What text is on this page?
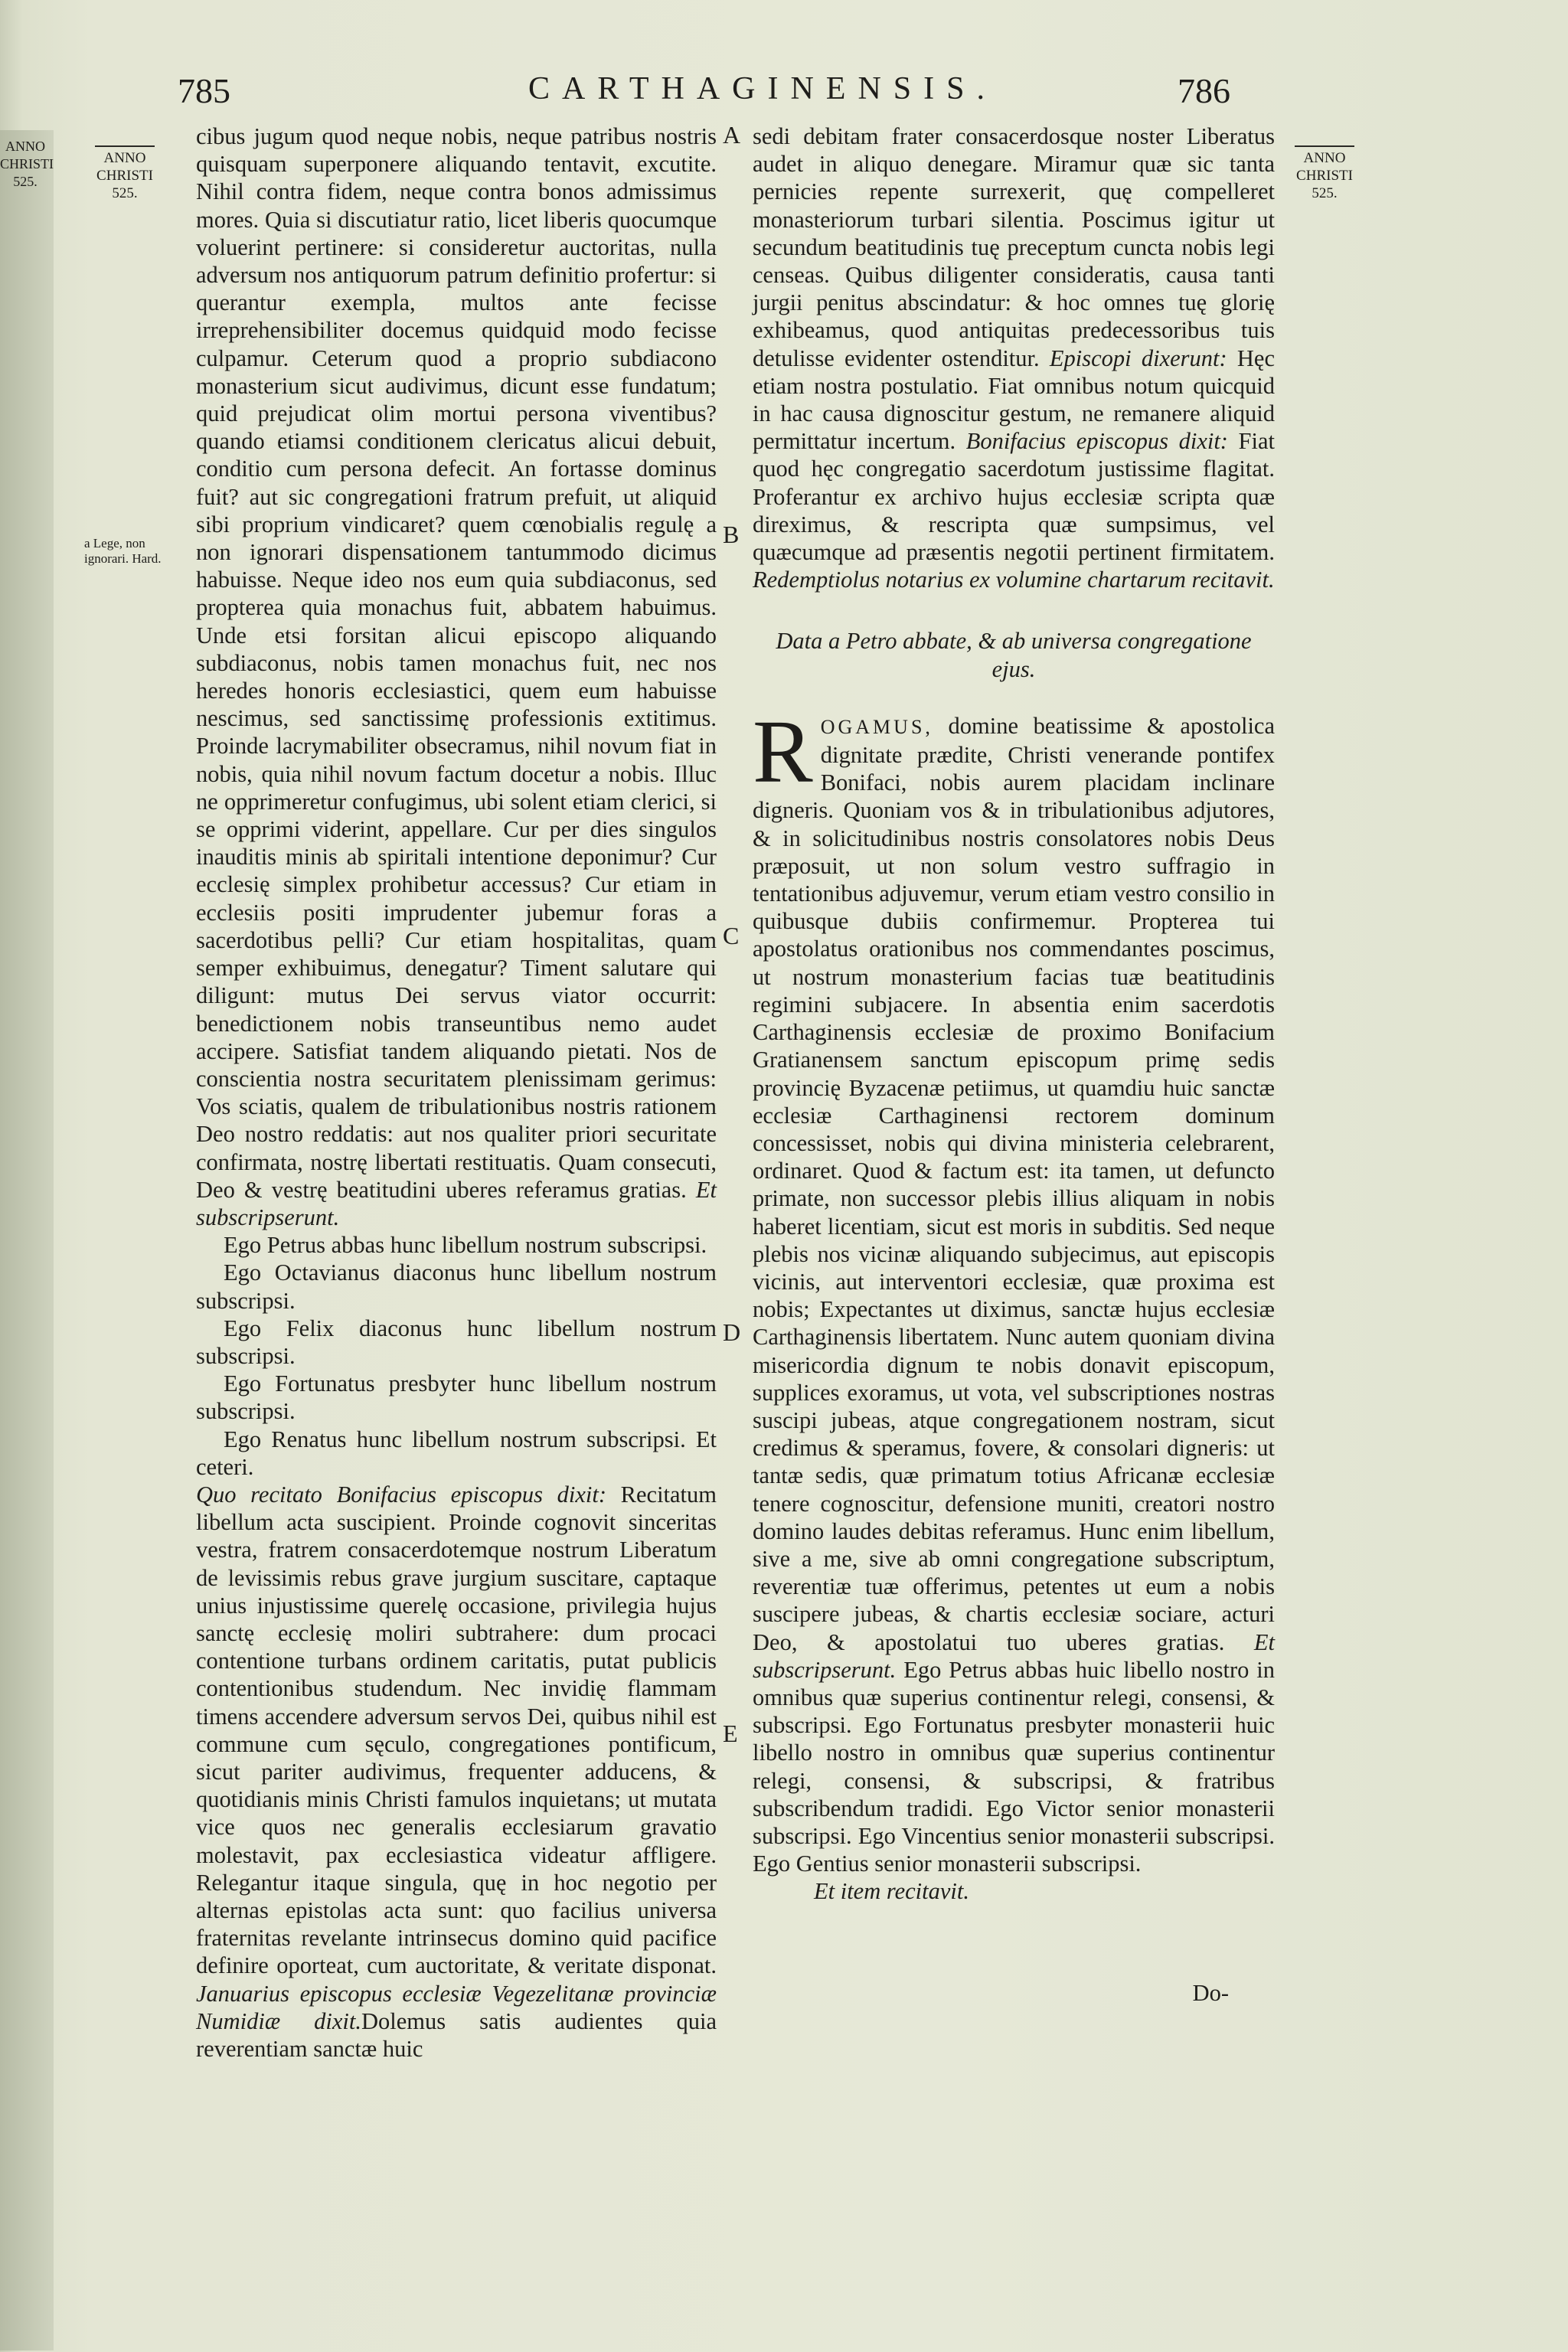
785	CARTHAGINENSIS.	786
ANNO CHRISTI 525.
ANNO
CHRISTI
525.
ANNO
CHRISTI
525.
a Lege, non ignorari. Hard.
A
B
C
D
E

cibus jugum quod neque nobis, neque patribus nostris quisquam superponere aliquando tentavit, excutite. Nihil contra fidem, neque contra bonos admissimus mores. Quia si discutiatur ratio, licet liberis quocumque voluerint pertinere: si consideretur auctoritas, nulla adversum nos antiquorum patrum definitio profertur: si querantur exempla, multos ante fecisse irreprehensibiliter docemus quidquid modo fecisse culpamur. Ceterum quod a proprio subdiacono monasterium sicut audivimus, dicunt esse fundatum; quid prejudicat olim mortui persona viventibus? quando etiamsi conditionem clericatus alicui debuit, conditio cum persona defecit. An fortasse dominus fuit? aut sic congregationi fratrum prefuit, ut aliquid sibi proprium vindicaret? quem cœnobialis regulę a non ignorari dispensationem tantummodo dicimus habuisse. Neque ideo nos eum quia subdiaconus, sed propterea quia monachus fuit, abbatem habuimus. Unde etsi forsitan alicui episcopo aliquando subdiaconus, nobis tamen monachus fuit, nec nos heredes honoris ecclesiastici, quem eum habuisse nescimus, sed sanctissimę professionis extitimus. Proinde lacrymabiliter obsecramus, nihil novum fiat in nobis, quia nihil novum factum docetur a nobis. Illuc ne opprimeretur confugimus, ubi solent etiam clerici, si se opprimi viderint, appellare. Cur per dies singulos inauditis minis ab spiritali intentione deponimur? Cur ecclesię simplex prohibetur accessus? Cur etiam in ecclesiis positi imprudenter jubemur foras a sacerdotibus pelli? Cur etiam hospitalitas, quam semper exhibuimus, denegatur? Timent salutare qui diligunt: mutus Dei servus viator occurrit: benedictionem nobis transeuntibus nemo audet accipere. Satisfiat tandem aliquando pietati. Nos de conscientia nostra securitatem plenissimam gerimus: Vos sciatis, qualem de tribulationibus nostris rationem Deo nostro reddatis: aut nos qualiter priori securitate confirmata, nostrę libertati restituatis. Quam consecuti, Deo & vestrę beatitudini uberes referamus gratias. Et subscripserunt.

Ego Petrus abbas hunc libellum nostrum subscripsi.

Ego Octavianus diaconus hunc libellum nostrum subscripsi.

Ego Felix diaconus hunc libellum nostrum subscripsi.

Ego Fortunatus presbyter hunc libellum nostrum subscripsi.

Ego Renatus hunc libellum nostrum subscripsi. Et ceteri.

Quo recitato Bonifacius episcopus dixit: Recitatum libellum acta suscipient. Proinde cognovit sinceritas vestra, fratrem consacerdotemque nostrum Liberatum de levissimis rebus grave jurgium suscitare, captaque unius injustissime querelę occasione, privilegia hujus sanctę ecclesię moliri subtrahere: dum procaci contentione turbans ordinem caritatis, putat publicis contentionibus studendum. Nec invidię flammam timens accendere adversum servos Dei, quibus nihil est commune cum sęculo, congregationes pontificum, sicut pariter audivimus, frequenter adducens, & quotidianis minis Christi famulos inquietans; ut mutata vice quos nec generalis ecclesiarum gravatio molestavit, pax ecclesiastica videatur affligere. Relegantur itaque singula, quę in hoc negotio per alternas epistolas acta sunt: quo facilius universa fraternitas revelante intrinsecus domino quid pacifice definire oporteat, cum auctoritate, & veritate disponat. Januarius episcopus ecclesiæ Vegezelitanæ provinciæ Numidiæ dixit.Dolemus satis audientes quia reverentiam sanctæ huic

sedi debitam frater consacerdosque noster Liberatus audet in aliquo denegare. Miramur quæ sic tanta pernicies repente surrexerit, quę compelleret monasteriorum turbari silentia. Poscimus igitur ut secundum beatitudinis tuę preceptum cuncta nobis legi censeas. Quibus diligenter consideratis, causa tanti jurgii penitus abscindatur: & hoc omnes tuę glorię exhibeamus, quod antiquitas predecessoribus tuis detulisse evidenter ostenditur. Episcopi dixerunt: Hęc etiam nostra postulatio. Fiat omnibus notum quicquid in hac causa dignoscitur gestum, ne remanere aliquid permittatur incertum. Bonifacius episcopus dixit: Fiat quod hęc congregatio sacerdotum justissime flagitat. Proferantur ex archivo hujus ecclesiæ scripta quæ direximus, & rescripta quæ sumpsimus, vel quæcumque ad præsentis negotii pertinent firmitatem. Redemptiolus notarius ex volumine chartarum recitavit.

Data a Petro abbate, & ab universa congregatione ejus.

ROGAMUS, domine beatissime & apostolica dignitate prædite, Christi venerande pontifex Bonifaci, nobis aurem placidam inclinare digneris. Quoniam vos & in tribulationibus adjutores, & in solicitudinibus nostris consolatores nobis Deus præposuit, ut non solum vestro suffragio in tentationibus adjuvemur, verum etiam vestro consilio in quibusque dubiis confirmemur. Propterea tui apostolatus orationibus nos commendantes poscimus, ut nostrum monasterium facias tuæ beatitudinis regimini subjacere. In absentia enim sacerdotis Carthaginensis ecclesiæ de proximo Bonifacium Gratianensem sanctum episcopum primę sedis provincię Byzacenæ petiimus, ut quamdiu huic sanctæ ecclesiæ Carthaginensi rectorem dominum concessisset, nobis qui divina ministeria celebrarent, ordinaret. Quod & factum est: ita tamen, ut defuncto primate, non successor plebis illius aliquam in nobis haberet licentiam, sicut est moris in subditis. Sed neque plebis nos vicinæ aliquando subjecimus, aut episcopis vicinis, aut interventori ecclesiæ, quæ proxima est nobis; Expectantes ut diximus, sanctæ hujus ecclesiæ Carthaginensis libertatem. Nunc autem quoniam divina misericordia dignum te nobis donavit episcopum, supplices exoramus, ut vota, vel subscriptiones nostras suscipi jubeas, atque congregationem nostram, sicut credimus & speramus, fovere, & consolari digneris: ut tantæ sedis, quæ primatum totius Africanæ ecclesiæ tenere cognoscitur, defensione muniti, creatori nostro domino laudes debitas referamus. Hunc enim libellum, sive a me, sive ab omni congregatione subscriptum, reverentiæ tuæ offerimus, petentes ut eum a nobis suscipere jubeas, & chartis ecclesiæ sociare, acturi Deo, & apostolatui tuo uberes gratias. Et subscripserunt. Ego Petrus abbas huic libello nostro in omnibus quæ superius continentur relegi, consensi, & subscripsi. Ego Fortunatus presbyter monasterii huic libello nostro in omnibus quæ superius continentur relegi, consensi, & subscripsi, & fratribus subscribendum tradidi. Ego Victor senior monasterii subscripsi. Ego Vincentius senior monasterii subscripsi. Ego Gentius senior monasterii subscripsi.

Et item recitavit.

Do-
